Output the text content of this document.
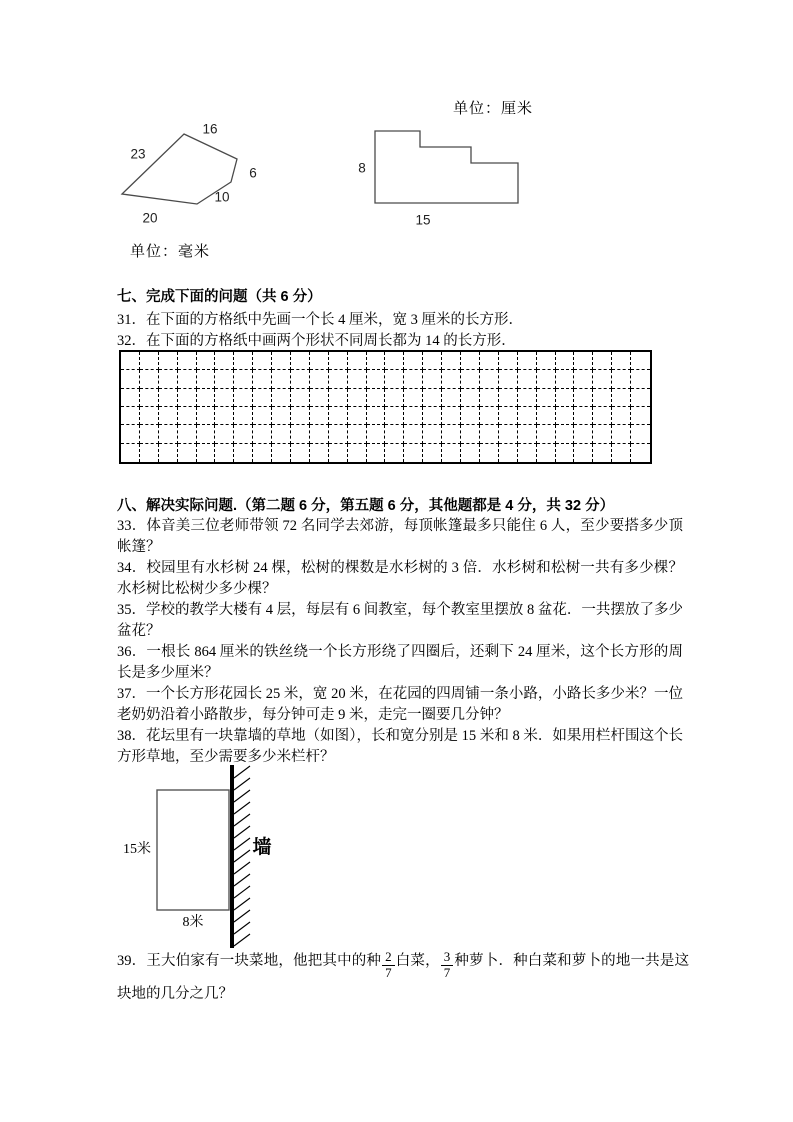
单位：厘米
16
23
6
10
20
单位：毫米
8
15
七、完成下面的问题（共 6 分）
31．在下面的方格纸中先画一个长 4 厘米，宽 3 厘米的长方形．
32．在下面的方格纸中画两个形状不同周长都为 14 的长方形．
八、解决实际问题.（第二题 6 分，第五题 6 分，其他题都是 4 分，共 32 分）

33．体音美三位老师带领 72 名同学去郊游，每顶帐篷最多只能住 6 人，至少要搭多少顶帐篷？

34．校园里有水杉树 24 棵，松树的棵数是水杉树的 3 倍．水杉树和松树一共有多少棵？水杉树比松树少多少棵？

35．学校的教学大楼有 4 层，每层有 6 间教室，每个教室里摆放 8 盆花．一共摆放了多少盆花？

36．一根长 864 厘米的铁丝绕一个长方形绕了四圈后，还剩下 24 厘米，这个长方形的周长是多少厘米？

37．一个长方形花园长 25 米，宽 20 米，在花园的四周铺一条小路，小路长多少米？一位老奶奶沿着小路散步，每分钟可走 9 米，走完一圈要几分钟？

38．花坛里有一块靠墙的草地（如图），长和宽分别是 15 米和 8 米．如果用栏杆围这个长方形草地，至少需要多少米栏杆？

15米
8米
墙
39．王大伯家有一块菜地，他把其中的种 $\frac{2}{7}$ 白菜， $\frac{3}{7}$ 种萝卜．种白菜和萝卜的地一共是这块地的几分之几？
